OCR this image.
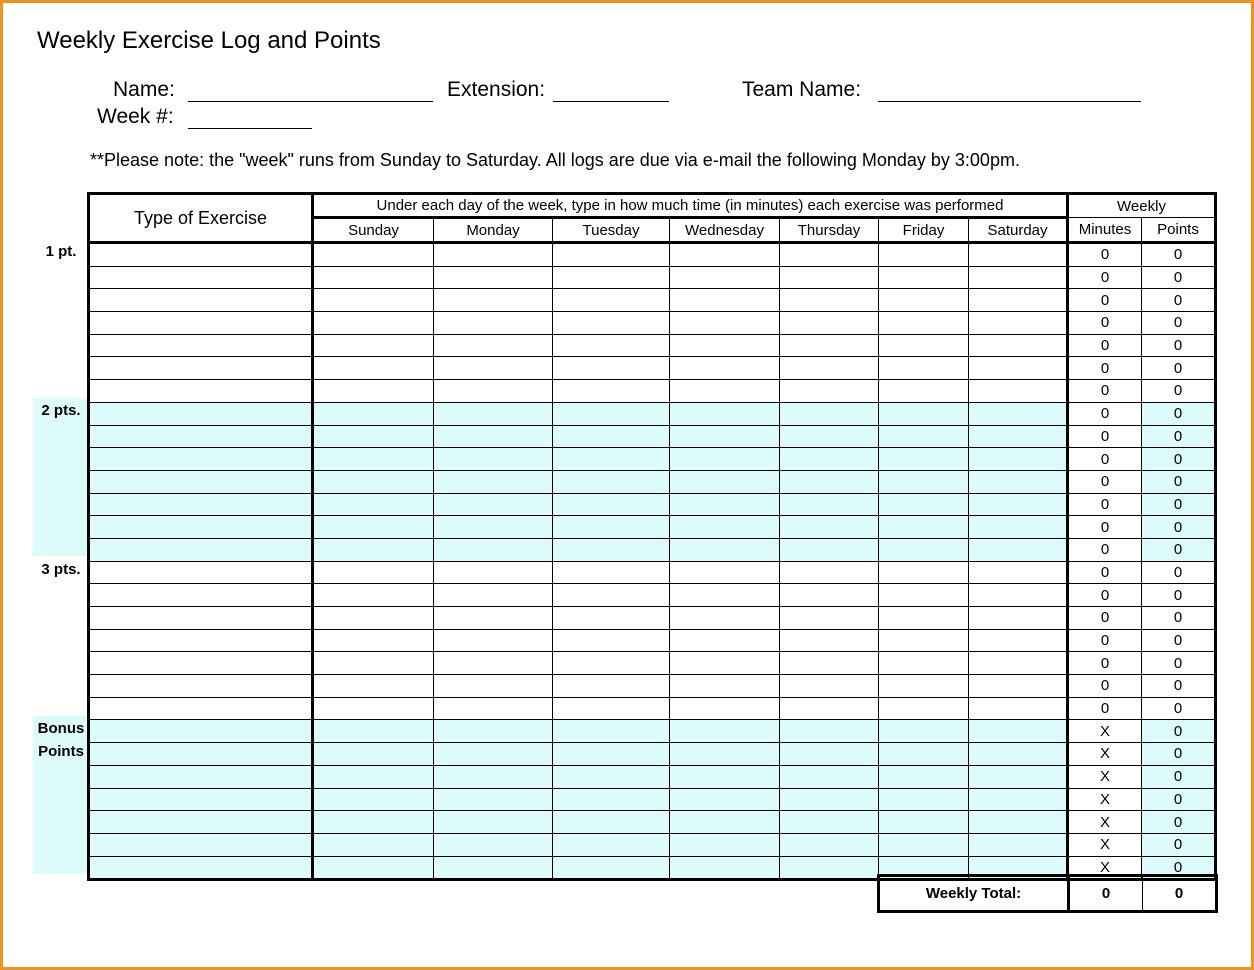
Weekly Exercise Log and Points
Name:	Extension:	Team Name:
Week #:
**Please note: the "week" runs from Sunday to Saturday. All logs are due via e-mail the following Monday by 3:00pm.
1 pt.
2 pts.
3 pts.
Bonus
Points
Type of Exercise	Under each day of the week, type in how much time (in minutes) each exercise was performed							Weekly	
	Sunday	Monday	Tuesday	Wednesday	Thursday	Friday	Saturday	Minutes	Points
								0	0
								0	0
								0	0
								0	0
								0	0
								0	0
								0	0
								0	0
								0	0
								0	0
								0	0
								0	0
								0	0
								0	0
								0	0
								0	0
								0	0
								0	0
								0	0
								0	0
								0	0
								X	0
								X	0
								X	0
								X	0
								X	0
								X	0
								X	0
Weekly Total:	0	0
